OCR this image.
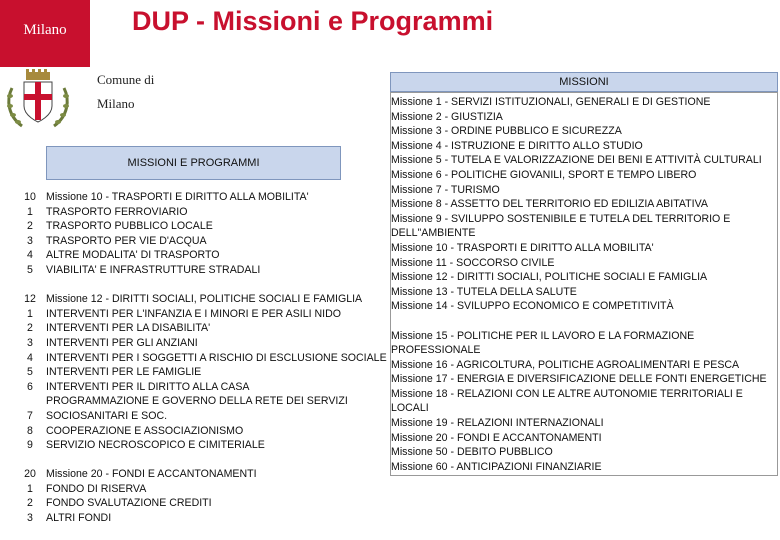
Milano	DUP - Missioni e Programmi
Comune di
Milano
MISSIONI E PROGRAMMI
10
1
2
3
4
5
12
1
2
3
4
5
6
7
8
9
20
1
2
3
Missione 10 - TRASPORTI E DIRITTO ALLA MOBILITA'
TRASPORTO FERROVIARIO
TRASPORTO PUBBLICO LOCALE
TRASPORTO PER VIE D'ACQUA
ALTRE MODALITA' DI TRASPORTO
VIABILITA' E INFRASTRUTTURE STRADALI
Missione 12 - DIRITTI SOCIALI, POLITICHE SOCIALI E FAMIGLIA
INTERVENTI PER L'INFANZIA E I MINORI E PER ASILI NIDO
INTERVENTI PER LA DISABILITA'
INTERVENTI PER GLI ANZIANI
INTERVENTI PER I SOGGETTI A RISCHIO DI ESCLUSIONE SOCIALE
INTERVENTI PER LE FAMIGLIE
INTERVENTI PER IL DIRITTO ALLA CASA
PROGRAMMAZIONE E GOVERNO DELLA RETE DEI SERVIZI
SOCIOSANITARI E SOC.
COOPERAZIONE E ASSOCIAZIONISMO
SERVIZIO NECROSCOPICO E CIMITERIALE
Missione 20 - FONDI E ACCANTONAMENTI
FONDO DI RISERVA
FONDO SVALUTAZIONE CREDITI
ALTRI FONDI
MISSIONI
Missione 1 - SERVIZI ISTITUZIONALI, GENERALI E DI GESTIONE
Missione 2 - GIUSTIZIA
Missione 3 - ORDINE PUBBLICO E SICUREZZA
Missione 4 - ISTRUZIONE E DIRITTO ALLO STUDIO
Missione 5 - TUTELA E VALORIZZAZIONE DEI BENI E ATTIVITÀ CULTURALI
Missione 6 - POLITICHE GIOVANILI, SPORT E TEMPO LIBERO
Missione 7 - TURISMO
Missione 8 - ASSETTO DEL TERRITORIO ED EDILIZIA ABITATIVA
Missione 9 - SVILUPPO SOSTENIBILE E TUTELA DEL TERRITORIO E DELL"AMBIENTE
Missione 10 - TRASPORTI E DIRITTO ALLA MOBILITA'
Missione 11 - SOCCORSO CIVILE
Missione 12 - DIRITTI SOCIALI, POLITICHE SOCIALI E FAMIGLIA
Missione 13 - TUTELA DELLA SALUTE
Missione 14 - SVILUPPO ECONOMICO E COMPETITIVITÀ
Missione 15 - POLITICHE PER IL LAVORO E LA FORMAZIONE PROFESSIONALE
Missione 16 - AGRICOLTURA, POLITICHE AGROALIMENTARI E PESCA
Missione 17 - ENERGIA E DIVERSIFICAZIONE DELLE FONTI ENERGETICHE
Missione 18 - RELAZIONI CON LE ALTRE AUTONOMIE TERRITORIALI E LOCALI
Missione 19 - RELAZIONI INTERNAZIONALI
Missione 20 - FONDI E ACCANTONAMENTI
Missione 50 - DEBITO PUBBLICO
Missione 60 - ANTICIPAZIONI FINANZIARIE
